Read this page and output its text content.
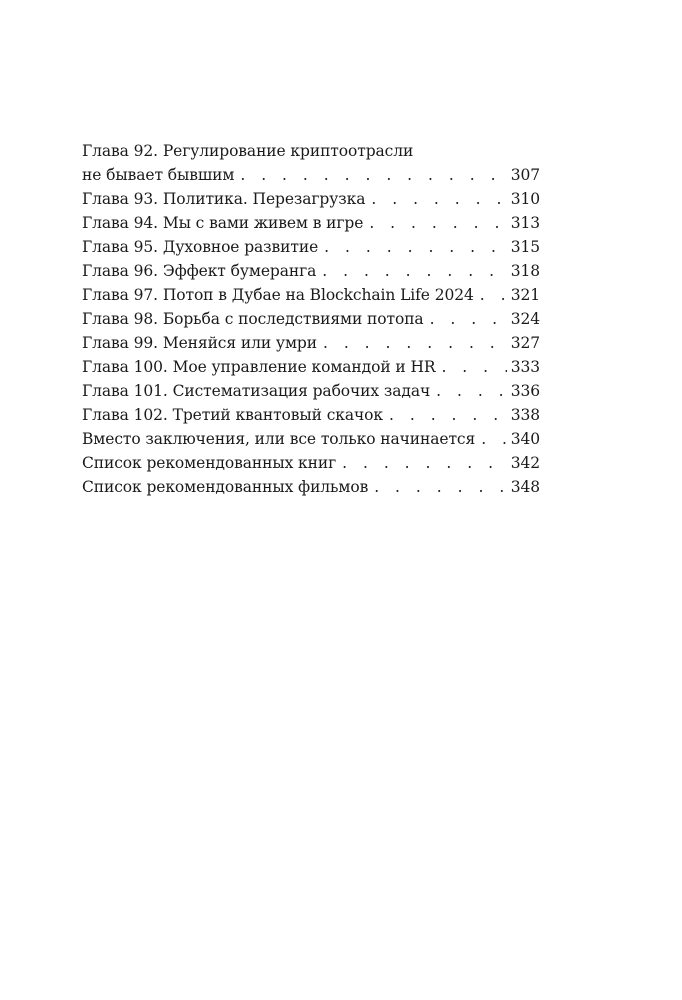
Глава 92. Регулирование криптоотрасли
не бывает бывшим . . .	307
Глава 93. Политика. Перезагрузка . . .	310
Глава 94. Мы с вами живем в игре . . .	313
Глава 95. Духовное развитие . . .	315
Глава 96. Эффект бумеранга . . .	318
Глава 97. Потоп в Дубае на Blockchain Life 2024 . . . 321
Глава 98. Борьба с последствиями потопа . . .	324
Глава 99. Меняйся или умри . . .	327
Глава 100. Мое управление командой и HR . . .	333
Глава 101. Систематизация рабочих задач . . .	336
Глава 102. Третий квантовый скачок . . .	338
Вместо заключения, или все только начинается . . . 340
Список рекомендованных книг . . .	342
Список рекомендованных фильмов . . .	348
